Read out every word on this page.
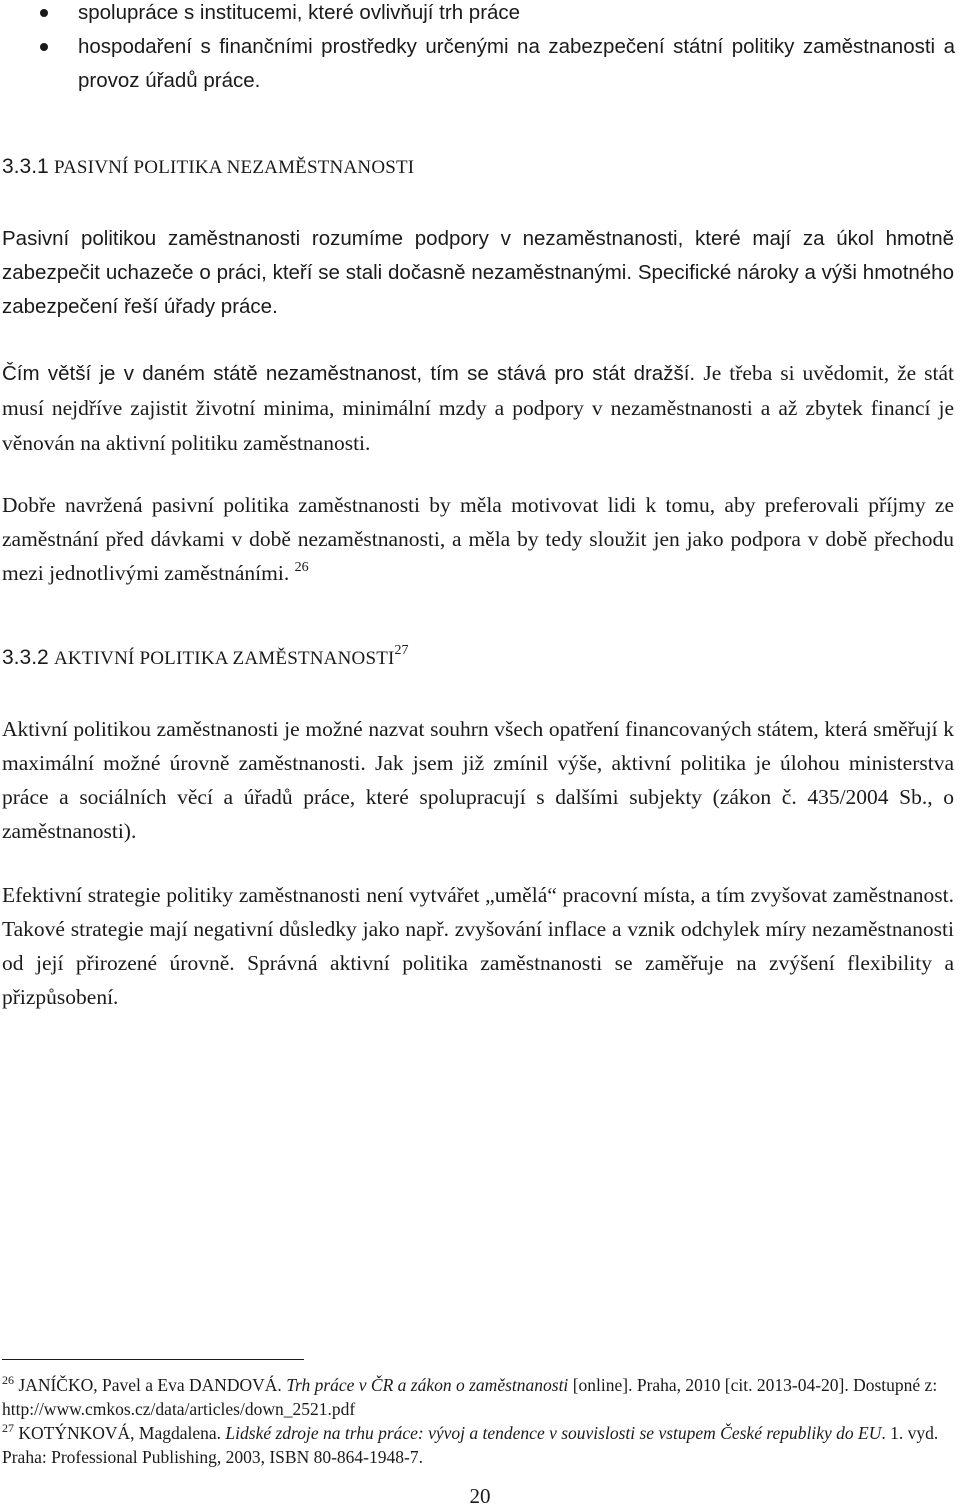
spolupráce s institucemi, které ovlivňují trh práce
hospodaření s finančními prostředky určenými na zabezpečení státní politiky zaměstnanosti a provoz úřadů práce.
3.3.1 PASIVNÍ POLITIKA NEZAMĚSTNANOSTI
Pasivní politikou zaměstnanosti rozumíme podpory v nezaměstnanosti, které mají za úkol hmotně zabezpečit uchazeče o práci, kteří se stali dočasně nezaměstnanými. Specifické nároky a výši hmotného zabezpečení řeší úřady práce.
Čím větší je v daném státě nezaměstnanost, tím se stává pro stát dražší. Je třeba si uvědomit, že stát musí nejdříve zajistit životní minima, minimální mzdy a podpory v nezaměstnanosti a až zbytek financí je věnován na aktivní politiku zaměstnanosti.
Dobře navržená pasivní politika zaměstnanosti by měla motivovat lidi k tomu, aby preferovali příjmy ze zaměstnání před dávkami v době nezaměstnanosti, a měla by tedy sloužit jen jako podpora v době přechodu mezi jednotlivými zaměstnáními. $^{26}$
3.3.2 AKTIVNÍ POLITIKA ZAMĚSTNANOSTI$^{27}$
Aktivní politikou zaměstnanosti je možné nazvat souhrn všech opatření financovaných státem, která směřují k maximální možné úrovně zaměstnanosti. Jak jsem již zmínil výše, aktivní politika je úlohou ministerstva práce a sociálních věcí a úřadů práce, které spolupracují s dalšími subjekty (zákon č. 435/2004 Sb., o zaměstnanosti).
Efektivní strategie politiky zaměstnanosti není vytvářet „umělá“ pracovní místa, a tím zvyšovat zaměstnanost. Takové strategie mají negativní důsledky jako např. zvyšování inflace a vznik odchylek míry nezaměstnanosti od její přirozené úrovně. Správná aktivní politika zaměstnanosti se zaměřuje na zvýšení flexibility a přizpůsobení.
$^{26}$ JANÍČKO, Pavel a Eva DANDOVÁ. Trh práce v ČR a zákon o zaměstnanosti [online]. Praha, 2010 [cit. 2013-04-20]. Dostupné z: http://www.cmkos.cz/data/articles/down_2521.pdf
$^{27}$ KOTÝNKOVÁ, Magdalena. Lidské zdroje na trhu práce: vývoj a tendence v souvislosti se vstupem České republiky do EU. 1. vyd. Praha: Professional Publishing, 2003, ISBN 80-864-1948-7.
20
